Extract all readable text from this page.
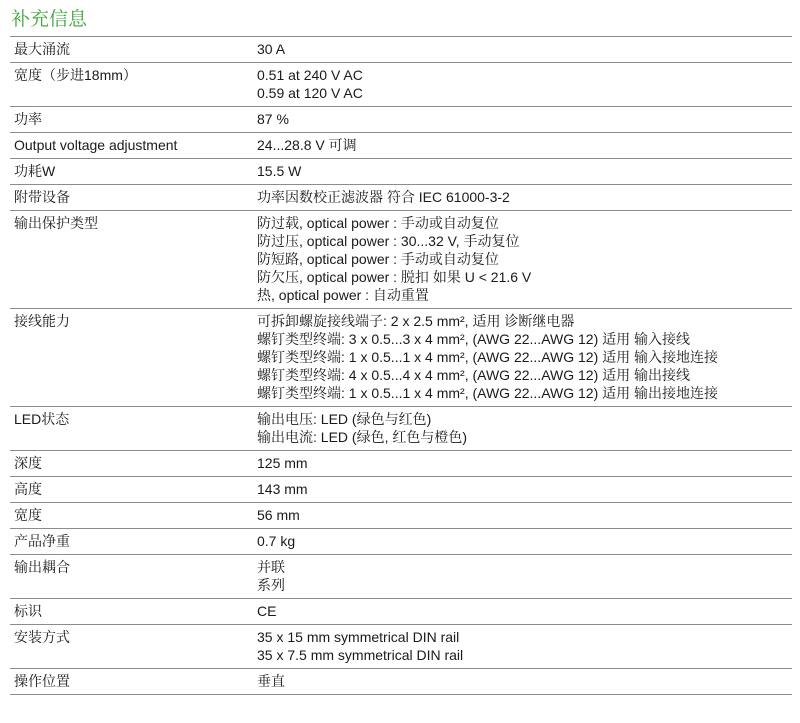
补充信息
最大涌流	30 A

宽度（步进18mm）	0.51 at 240 V AC
0.59 at 120 V AC

功率	87 %

Output voltage adjustment	24...28.8 V 可调

功耗W	15.5 W

附带设备	功率因数校正滤波器 符合 IEC 61000-3-2

输出保护类型	防过载, optical power : 手动或自动复位
防过压, optical power : 30...32 V, 手动复位
防短路, optical power : 手动或自动复位
防欠压, optical power : 脱扣 如果 U < 21.6 V
热, optical power : 自动重置

接线能力	可拆卸螺旋接线端子: 2 x 2.5 mm², 适用 诊断继电器
螺钉类型终端: 3 x 0.5...3 x 4 mm², (AWG 22...AWG 12) 适用 输入接线
螺钉类型终端: 1 x 0.5...1 x 4 mm², (AWG 22...AWG 12) 适用 输入接地连接
螺钉类型终端: 4 x 0.5...4 x 4 mm², (AWG 22...AWG 12) 适用 输出接线
螺钉类型终端: 1 x 0.5...1 x 4 mm², (AWG 22...AWG 12) 适用 输出接地连接

LED状态	输出电压: LED (绿色与红色)
输出电流: LED (绿色, 红色与橙色)

深度	125 mm

高度	143 mm

宽度	56 mm

产品净重	0.7 kg

输出耦合	并联
系列

标识	CE

安装方式	35 x 15 mm symmetrical DIN rail
35 x 7.5 mm symmetrical DIN rail

操作位置	垂直
